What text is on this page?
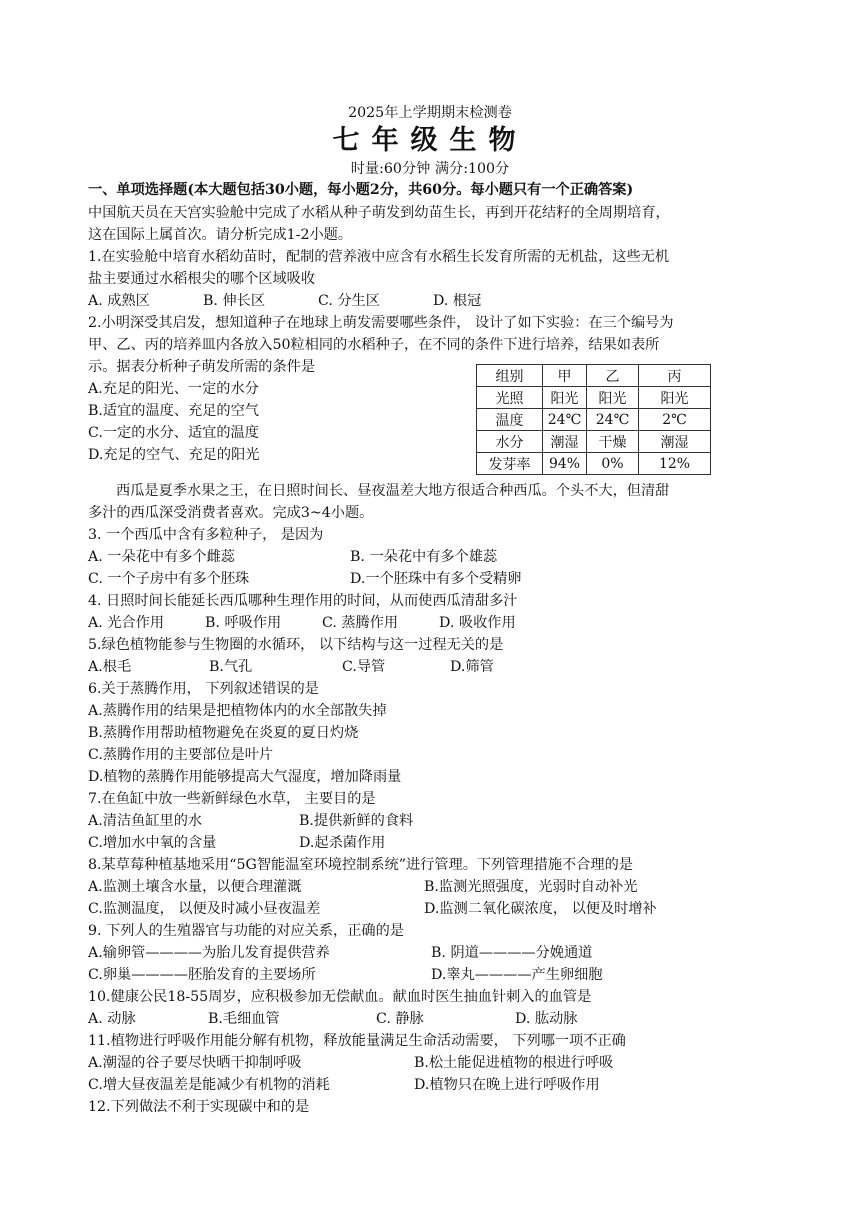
2025年上学期期末检测卷
七年级生物
时量:60分钟 满分:100分
一、单项选择题(本大题包括30小题，每小题2分，共60分。每小题只有一个正确答案)
中国航天员在天宫实验舱中完成了水稻从种子萌发到幼苗生长，再到开花结籽的全周期培育，
这在国际上属首次。请分析完成1-2小题。
1.在实验舱中培育水稻幼苗时，配制的营养液中应含有水稻生长发育所需的无机盐，这些无机
盐主要通过水稻根尖的哪个区域吸收
A. 成熟区	B. 伸长区	C. 分生区	D. 根冠
2.小明深受其启发，想知道种子在地球上萌发需要哪些条件， 设计了如下实验：在三个编号为
甲、乙、丙的培养皿内各放入50粒相同的水稻种子，在不同的条件下进行培养，结果如表所
示。据表分析种子萌发所需的条件是
A.充足的阳光、一定的水分
B.适宜的温度、充足的空气
C.一定的水分、适宜的温度
D.充足的空气、充足的阳光
组别	甲	乙	丙
光照	阳光	阳光	阳光
温度	24℃	24℃	2℃
水分	潮湿	干燥	潮湿
发芽率	94%	0%	12%
西瓜是夏季水果之王，在日照时间长、昼夜温差大地方很适合种西瓜。个头不大，但清甜
多汁的西瓜深受消费者喜欢。完成3~4小题。
3. 一个西瓜中含有多粒种子， 是因为
A. 一朵花中有多个雌蕊	B. 一朵花中有多个雄蕊
C. 一个子房中有多个胚珠	D.一个胚珠中有多个受精卵
4. 日照时间长能延长西瓜哪种生理作用的时间，从而使西瓜清甜多汁
A. 光合作用	B. 呼吸作用	C. 蒸腾作用	D. 吸收作用
5.绿色植物能参与生物圈的水循环， 以下结构与这一过程无关的是
A.根毛	B.气孔	C.导管	D.筛管
6.关于蒸腾作用， 下列叙述错误的是
A.蒸腾作用的结果是把植物体内的水全部散失掉
B.蒸腾作用帮助植物避免在炎夏的夏日灼烧
C.蒸腾作用的主要部位是叶片
D.植物的蒸腾作用能够提高大气湿度，增加降雨量
7.在鱼缸中放一些新鲜绿色水草， 主要目的是
A.清洁鱼缸里的水	B.提供新鲜的食料
C.增加水中氧的含量	D.起杀菌作用
8.某草莓种植基地采用“5G智能温室环境控制系统”进行管理。下列管理措施不合理的是
A.监测土壤含水量，以便合理灌溉	B.监测光照强度，光弱时自动补光
C.监测温度， 以便及时减小昼夜温差	D.监测二氧化碳浓度， 以便及时增补
9. 下列人的生殖器官与功能的对应关系，正确的是
A.输卵管————为胎儿发育提供营养	B. 阴道————分娩通道
C.卵巢————胚胎发育的主要场所	D.睾丸————产生卵细胞
10.健康公民18-55周岁，应积极参加无偿献血。献血时医生抽血针刺入的血管是
A. 动脉	B.毛细血管	C. 静脉	D. 肱动脉
11.植物进行呼吸作用能分解有机物，释放能量满足生命活动需要， 下列哪一项不正确
A.潮湿的谷子要尽快晒干抑制呼吸	B.松土能促进植物的根进行呼吸
C.增大昼夜温差是能减少有机物的消耗	D.植物只在晚上进行呼吸作用
12.下列做法不利于实现碳中和的是
